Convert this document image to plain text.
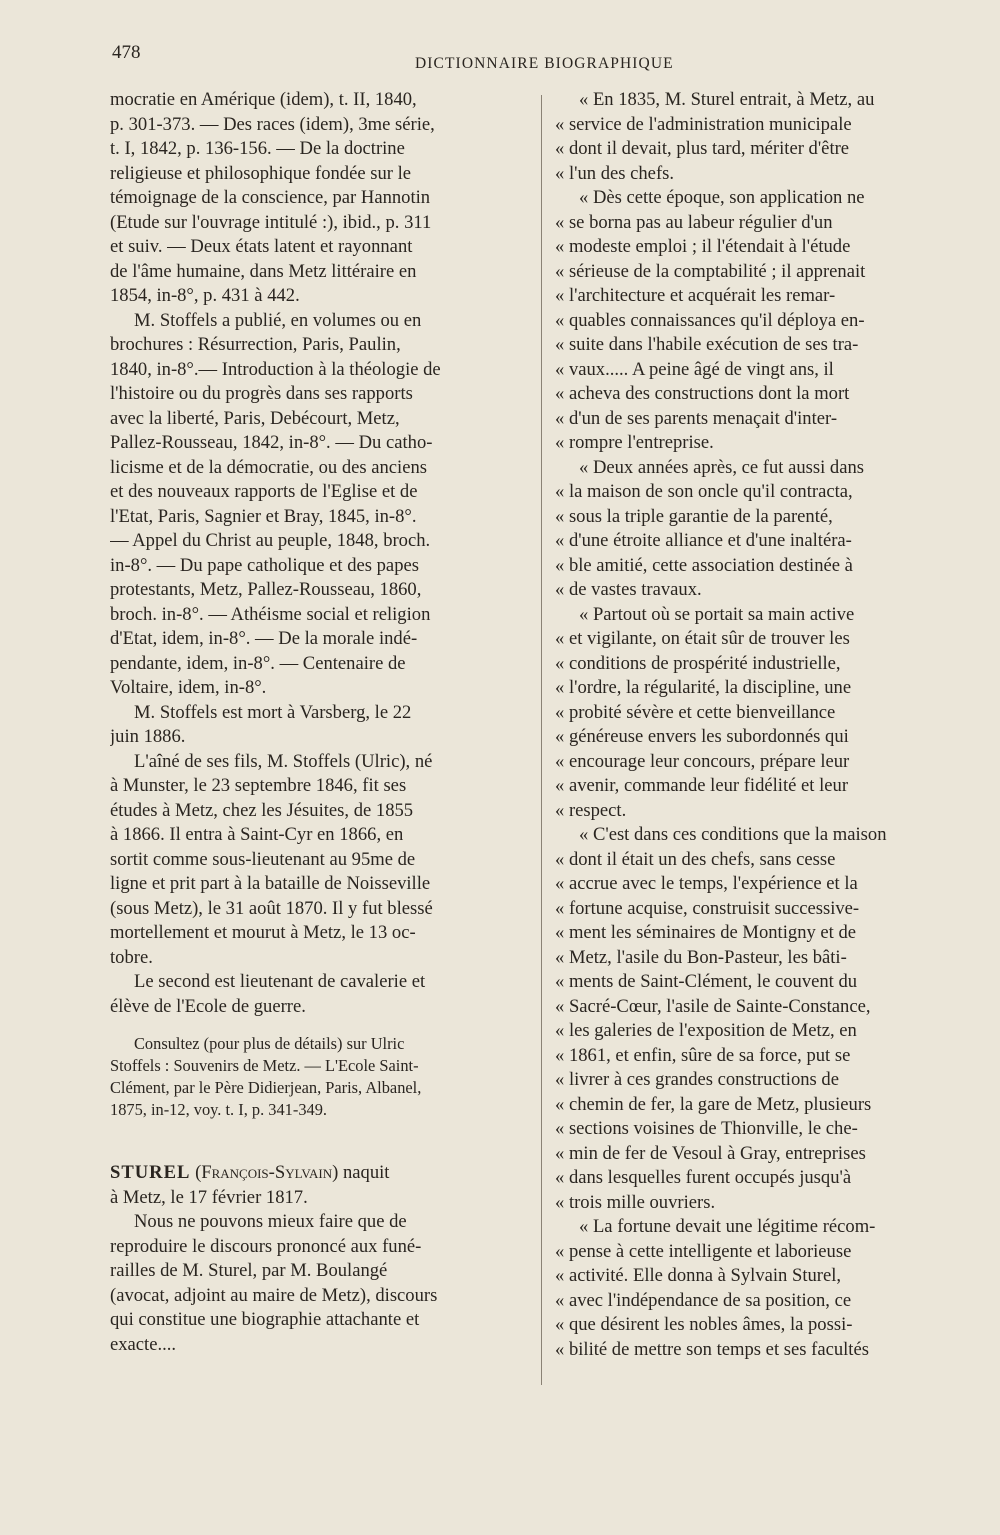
478
DICTIONNAIRE BIOGRAPHIQUE
mocratie en Amérique (idem), t. II, 1840,
p. 301-373. — Des races (idem), 3me série,
t. I, 1842, p. 136-156. — De la doctrine
religieuse et philosophique fondée sur le
témoignage de la conscience, par Hannotin
(Etude sur l'ouvrage intitulé :), ibid., p. 311
et suiv. — Deux états latent et rayonnant
de l'âme humaine, dans Metz littéraire en
1854, in-8°, p. 431 à 442.
M. Stoffels a publié, en volumes ou en
brochures : Résurrection, Paris, Paulin,
1840, in-8°.— Introduction à la théologie de
l'histoire ou du progrès dans ses rapports
avec la liberté, Paris, Debécourt, Metz,
Pallez-Rousseau, 1842, in-8°. — Du catho-
licisme et de la démocratie, ou des anciens
et des nouveaux rapports de l'Eglise et de
l'Etat, Paris, Sagnier et Bray, 1845, in-8°.
— Appel du Christ au peuple, 1848, broch.
in-8°. — Du pape catholique et des papes
protestants, Metz, Pallez-Rousseau, 1860,
broch. in-8°. — Athéisme social et religion
d'Etat, idem, in-8°. — De la morale indé-
pendante, idem, in-8°. — Centenaire de
Voltaire, idem, in-8°.
M. Stoffels est mort à Varsberg, le 22
juin 1886.
L'aîné de ses fils, M. Stoffels (Ulric), né
à Munster, le 23 septembre 1846, fit ses
études à Metz, chez les Jésuites, de 1855
à 1866. Il entra à Saint-Cyr en 1866, en
sortit comme sous-lieutenant au 95me de
ligne et prit part à la bataille de Noisseville
(sous Metz), le 31 août 1870. Il y fut blessé
mortellement et mourut à Metz, le 13 oc-
tobre.
Le second est lieutenant de cavalerie et
élève de l'Ecole de guerre.
Consultez (pour plus de détails) sur Ulric
Stoffels : Souvenirs de Metz. — L'Ecole Saint-
Clément, par le Père Didierjean, Paris, Albanel,
1875, in-12, voy. t. I, p. 341-349.
STUREL (François-Sylvain) naquit
à Metz, le 17 février 1817.
Nous ne pouvons mieux faire que de
reproduire le discours prononcé aux funé-
railles de M. Sturel, par M. Boulangé
(avocat, adjoint au maire de Metz), discours
qui constitue une biographie attachante et
exacte....
« En 1835, M. Sturel entrait, à Metz, au
« service de l'administration municipale
« dont il devait, plus tard, mériter d'être
« l'un des chefs.
« Dès cette époque, son application ne
« se borna pas au labeur régulier d'un
« modeste emploi ; il l'étendait à l'étude
« sérieuse de la comptabilité ; il apprenait
« l'architecture et acquérait les remar-
« quables connaissances qu'il déploya en-
« suite dans l'habile exécution de ses tra-
« vaux..... A peine âgé de vingt ans, il
« acheva des constructions dont la mort
« d'un de ses parents menaçait d'inter-
« rompre l'entreprise.
« Deux années après, ce fut aussi dans
« la maison de son oncle qu'il contracta,
« sous la triple garantie de la parenté,
« d'une étroite alliance et d'une inaltéra-
« ble amitié, cette association destinée à
« de vastes travaux.
« Partout où se portait sa main active
« et vigilante, on était sûr de trouver les
« conditions de prospérité industrielle,
« l'ordre, la régularité, la discipline, une
« probité sévère et cette bienveillance
« généreuse envers les subordonnés qui
« encourage leur concours, prépare leur
« avenir, commande leur fidélité et leur
« respect.
« C'est dans ces conditions que la maison
« dont il était un des chefs, sans cesse
« accrue avec le temps, l'expérience et la
« fortune acquise, construisit successive-
« ment les séminaires de Montigny et de
« Metz, l'asile du Bon-Pasteur, les bâti-
« ments de Saint-Clément, le couvent du
« Sacré-Cœur, l'asile de Sainte-Constance,
« les galeries de l'exposition de Metz, en
« 1861, et enfin, sûre de sa force, put se
« livrer à ces grandes constructions de
« chemin de fer, la gare de Metz, plusieurs
« sections voisines de Thionville, le che-
« min de fer de Vesoul à Gray, entreprises
« dans lesquelles furent occupés jusqu'à
« trois mille ouvriers.
« La fortune devait une légitime récom-
« pense à cette intelligente et laborieuse
« activité. Elle donna à Sylvain Sturel,
« avec l'indépendance de sa position, ce
« que désirent les nobles âmes, la possi-
« bilité de mettre son temps et ses facultés
